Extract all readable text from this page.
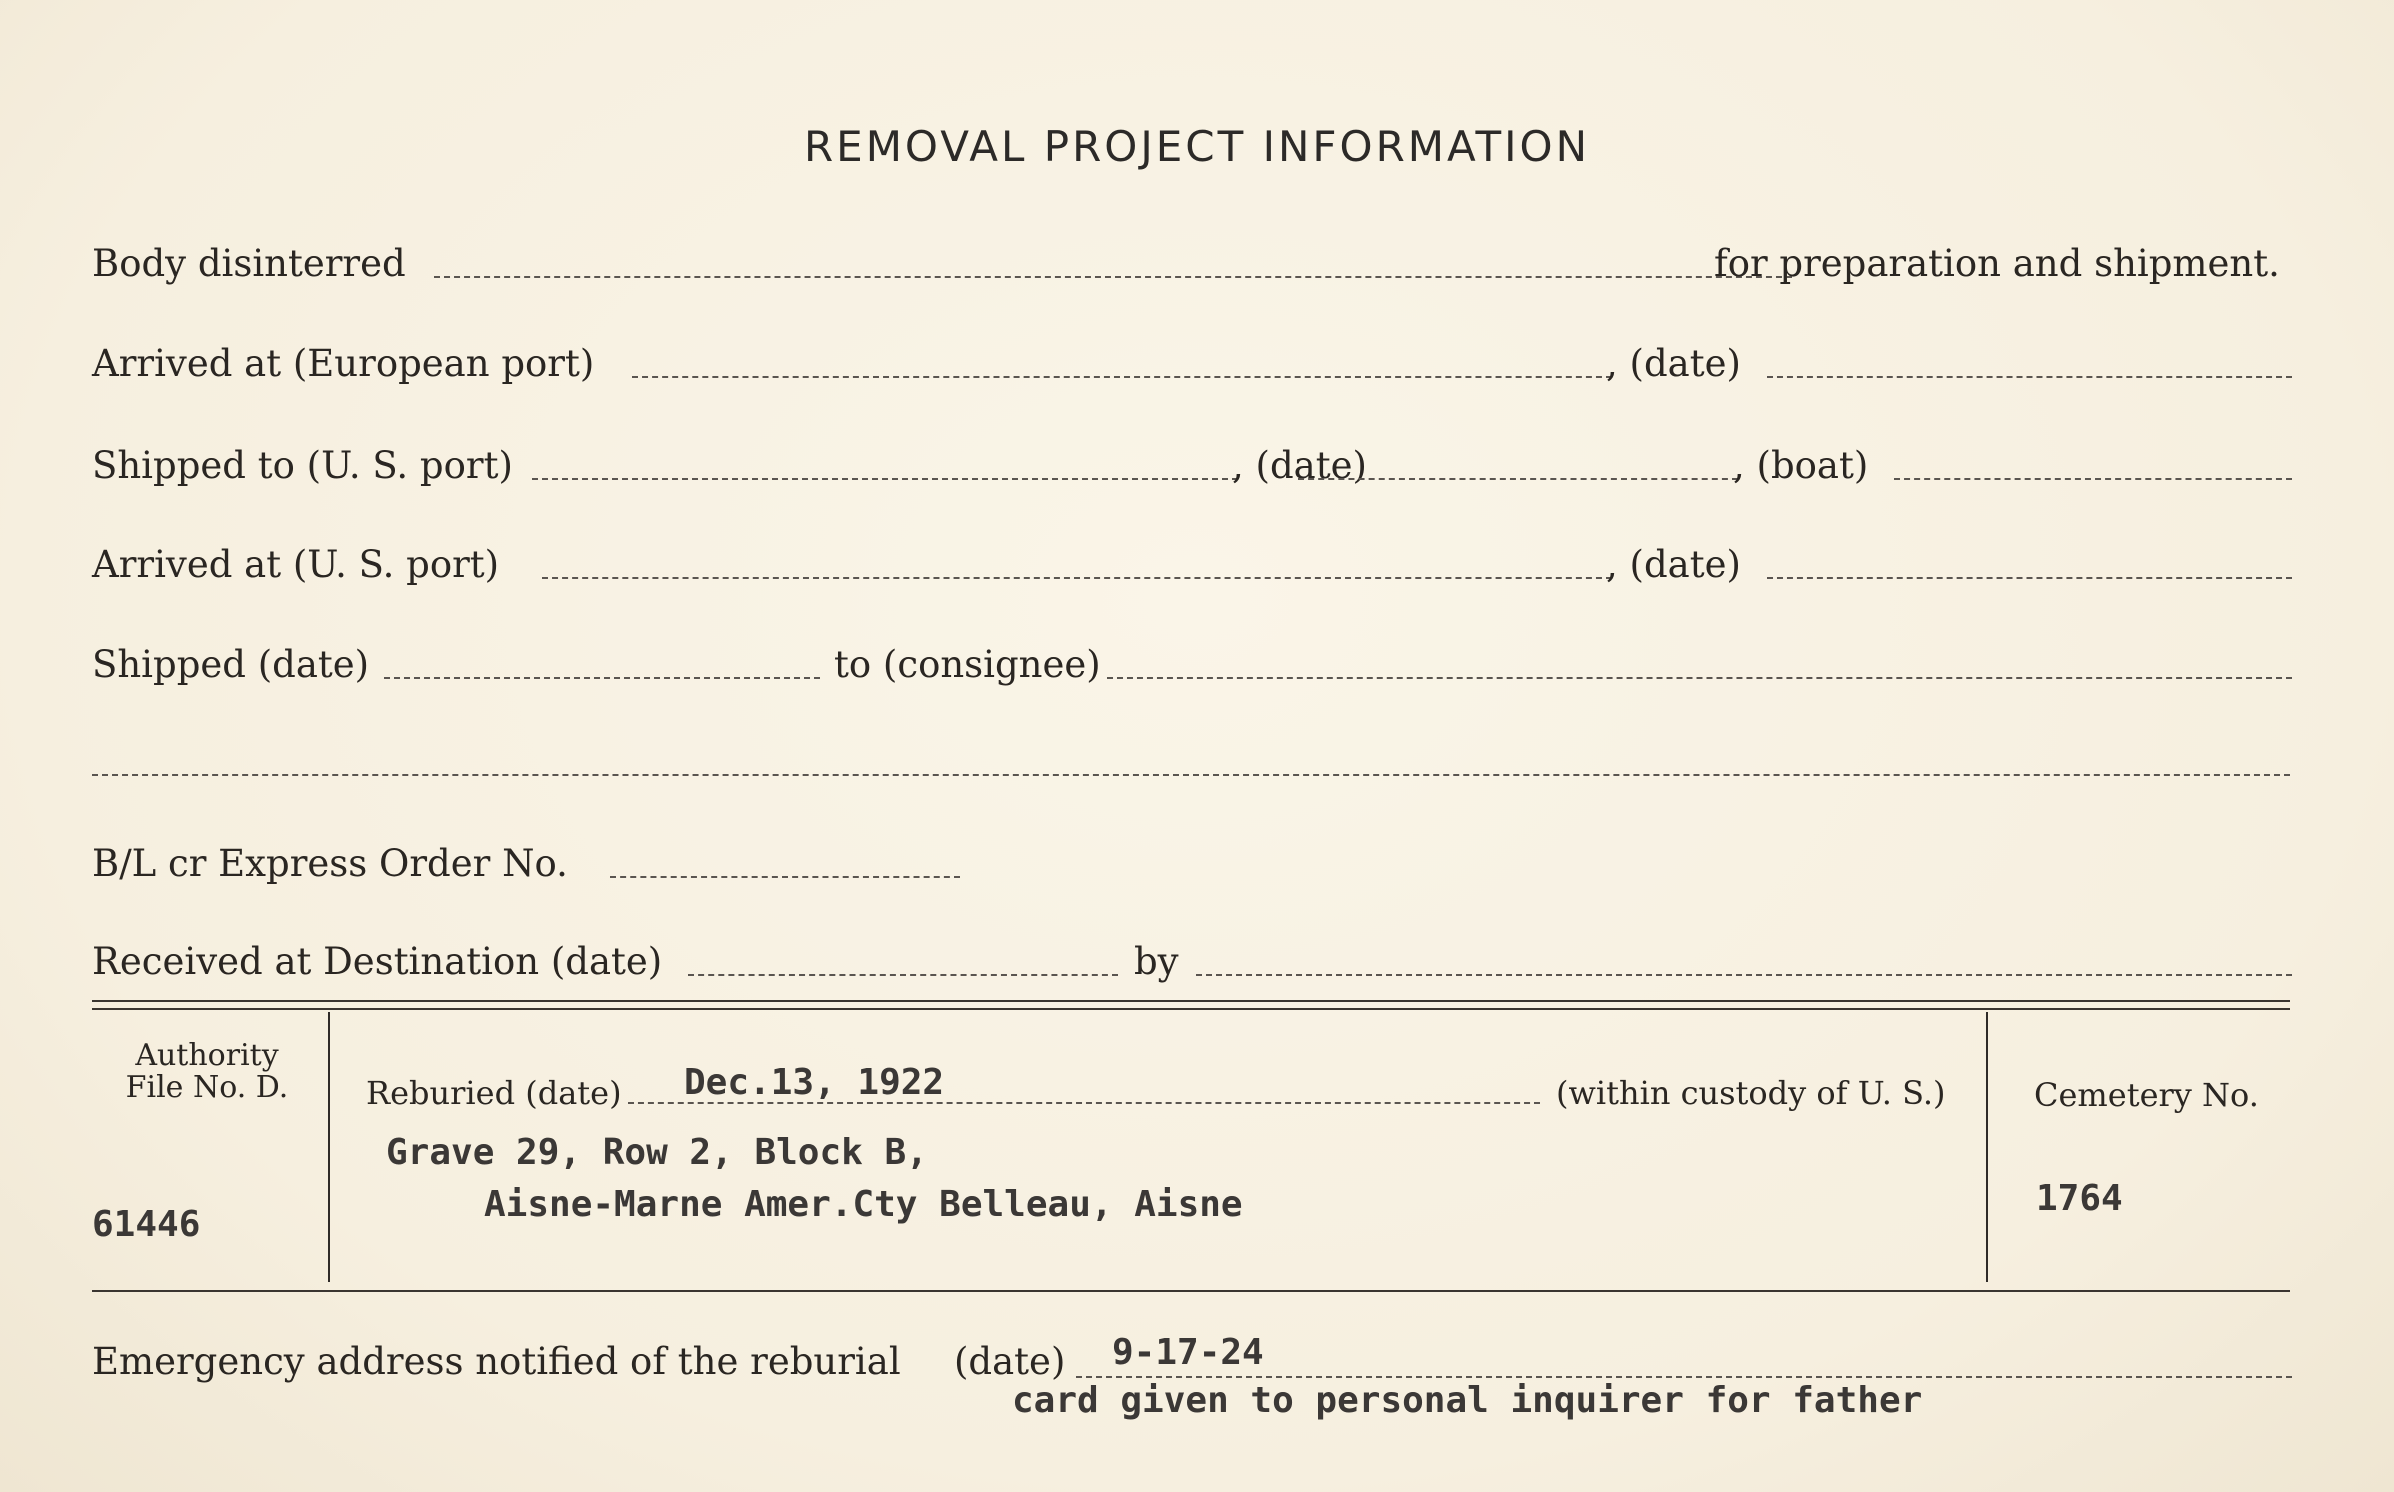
REMOVAL PROJECT INFORMATION
Body disinterred	for preparation and shipment.
Arrived at (European port)	, (date)
Shipped to (U. S. port)	, (date)	, (boat)
Arrived at (U. S. port)	, (date)
Shipped (date)	to (consignee)
B/L cr Express Order No.
Received at Destination (date)	by
Authority
File No. D.
61446
Reburied (date) Dec.13, 1922	(within custody of U. S.)
Grave 29, Row 2, Block B,
Aisne-Marne Amer.Cty Belleau, Aisne
Cemetery No.
1764
Emergency address notified of the reburial (date) 9-17-24
card given to personal inquirer for father
